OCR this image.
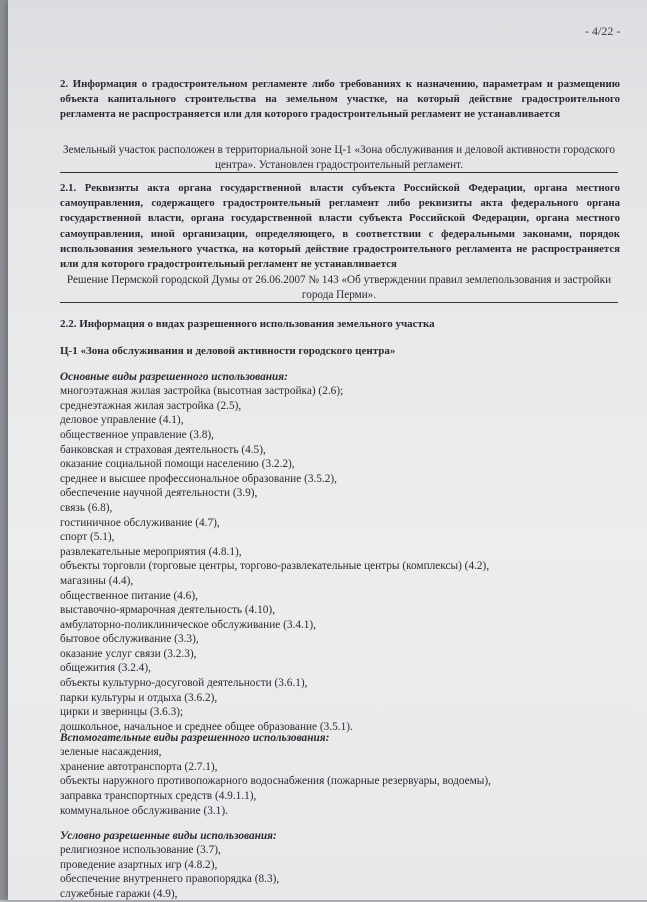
- 4/22 -

2. Информация о градостроительном регламенте либо требованиях к назначению, параметрам и размещению объекта капитального строительства на земельном участке, на который действие градостроительного регламента не распространяется или для которого градостроительный регламент не устанавливается

Земельный участок расположен в территориальной зоне Ц-1 «Зона обслуживания и деловой активности городского центра». Установлен градостроительный регламент.

2.1. Реквизиты акта органа государственной власти субъекта Российской Федерации, органа местного самоуправления, содержащего градостроительный регламент либо реквизиты акта федерального органа государственной власти, органа государственной власти субъекта Российской Федерации, органа местного самоуправления, иной организации, определяющего, в соответствии с федеральными законами, порядок использования земельного участка, на который действие градостроительного регламента не распространяется или для которого градостроительный регламент не устанавливается

Решение Пермской городской Думы от 26.06.2007 № 143 «Об утверждении правил землепользования и застройки города Перми».
2.2. Информация о видах разрешенного использования земельного участка
Ц-1 «Зона обслуживания и деловой активности городского центра»

Основные виды разрешенного использования:

многоэтажная жилая застройка (высотная застройка) (2.6);
среднеэтажная жилая застройка (2.5),
деловое управление (4.1),
общественное управление (3.8),
банковская и страховая деятельность (4.5),
оказание социальной помощи населению (3.2.2),
среднее и высшее профессиональное образование (3.5.2),
обеспечение научной деятельности (3.9),
связь (6.8),
гостиничное обслуживание (4.7),
спорт (5.1),
развлекательные мероприятия (4.8.1),
объекты торговли (торговые центры, торгово-развлекательные центры (комплексы) (4.2),
магазины (4.4),
общественное питание (4.6),
выставочно-ярмарочная деятельность (4.10),
амбулаторно-поликлиническое обслуживание (3.4.1),
бытовое обслуживание (3.3),
оказание услуг связи (3.2.3),
общежития (3.2.4),
объекты культурно-досуговой деятельности (3.6.1),
парки культуры и отдыха (3.6.2),
цирки и зверинцы (3.6.3);
дошкольное, начальное и среднее общее образование (3.5.1).

Вспомогательные виды разрешенного использования:

зеленые насаждения,
хранение автотранспорта (2.7.1),
объекты наружного противопожарного водоснабжения (пожарные резервуары, водоемы),
заправка транспортных средств (4.9.1.1),
коммунальное обслуживание (3.1).

Условно разрешенные виды использования:

религиозное использование (3.7),
проведение азартных игр (4.8.2),
обеспечение внутреннего правопорядка (8.3),
служебные гаражи (4.9),
